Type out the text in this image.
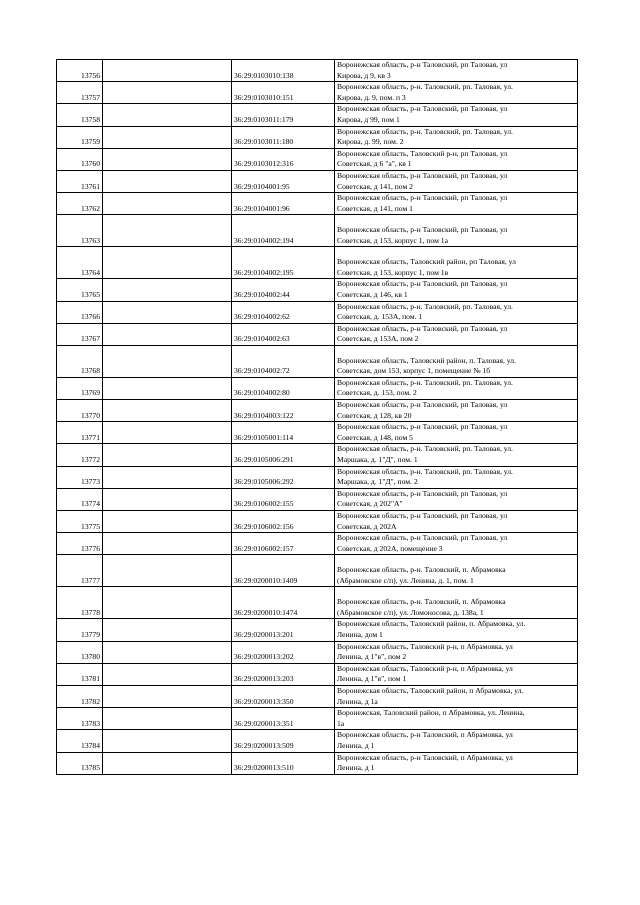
13756		36:29:0103010:138	Воронежская область, р-н Таловский, рп Таловая, ул
Кирова, д 9, кв 3
13757		36:29:0103010:151	Воронежская область, р-н. Таловский, рп. Таловая, ул.
Кирова, д. 9, пом. п 3
13758		36:29:0103011:179	Воронежская область, р-н Таловский, рп Таловая, ул
Кирова, д 99, пом 1
13759		36:29:0103011:180	Воронежская область, р-н. Таловский, рп. Таловая, ул.
Кирова, д. 99, пом. 2
13760		36:29:0103012:316	Воронежская область, Таловский р-н, рп Таловая, ул
Советская, д 6 "а", кв 1
13761		36:29:0104001:95	Воронежская область, р-н Таловский, рп Таловая, ул
Советская, д 141, пом 2
13762		36:29:0104001:96	Воронежская область, р-н Таловский, рп Таловая, ул
Советская, д 141, пом 1
13763		36:29:0104002:194	Воронежская область, р-н Таловский, рп Таловая, ул
Советская, д 153, корпус 1, пом 1а
13764		36:29:0104002:195	Воронежская область, Таловский район, рп Таловая, ул
Советская, д 153, корпус 1, пом 1в
13765		36:29:0104002:44	Воронежская область, р-н Таловский, рп Таловая, ул
Советская, д 146, кв 1
13766		36:29:0104002:62	Воронежская область, р-н. Таловский, рп. Таловая, ул.
Советская, д. 153А, пом. 1
13767		36:29:0104002:63	Воронежская область, р-н Таловский, рп Таловая, ул
Советская, д 153А, пом 2
13768		36:29:0104002:72	Воронежская область, Таловский район, п. Таловая, ул.
Советская, дом 153, корпус 1, помещение № 1б
13769		36:29:0104002:80	Воронежская область, р-н. Таловский, рп. Таловая, ул.
Советская, д. 153, пом. 2
13770		36:29:0104003:122	Воронежская область, р-н Таловский, рп Таловая, ул
Советская, д 128, кв 20
13771		36:29:0105001:114	Воронежская область, р-н Таловский, рп Таловая, ул
Советская, д 148, пом 5
13772		36:29:0105006:291	Воронежская область, р-н. Таловский, рп. Таловая, ул.
Маршака, д. 1"Д", пом. 1
13773		36:29:0105006:292	Воронежская область, р-н. Таловский, рп. Таловая, ул.
Маршака, д. 1"Д", пом. 2
13774		36:29:0106002:155	Воронежская область, р-н Таловский, рп Таловая, ул
Советская, д 202"А"
13775		36:29:0106002:156	Воронежская область, р-н Таловский, рп Таловая, ул
Советская, д 202А
13776		36:29:0106002:157	Воронежская область, р-н Таловский, рп Таловая, ул
Советская, д 202А, помещение 3
13777		36:29:0200010:1409	Воронежская область, р-н. Таловский, п. Абрамовка
(Абрамовское с/п), ул. Ленина, д. 1, пом. 1
13778		36:29:0200010:1474	Воронежская область, р-н. Таловский, п. Абрамовка
(Абрамовское с/п), ул. Ломоносова, д. 138а, 1
13779		36:29:0200013:201	Воронежская область, Таловский район, п. Абрамовка, ул.
Ленина, дом 1
13780		36:29:0200013:202	Воронежская область, Таловский р-н, п Абрамовка, ул
Ленина, д 1"в", пом 2
13781		36:29:0200013:203	Воронежская область, Таловский р-н, п Абрамовка, ул
Ленина, д 1"в", пом 1
13782		36:29:0200013:350	Воронежская область, Таловский район, п Абрамовка, ул.
Ленина, д 1а
13783		36:29:0200013:351	Воронежская, Таловский район, п Абрамовка, ул. Ленина,
1а
13784		36:29:0200013:509	Воронежская область, р-н Таловский, п Абрамовка, ул
Ленина, д 1
13785		36:29:0200013:510	Воронежская область, р-н Таловский, п Абрамовка, ул
Ленина, д 1
